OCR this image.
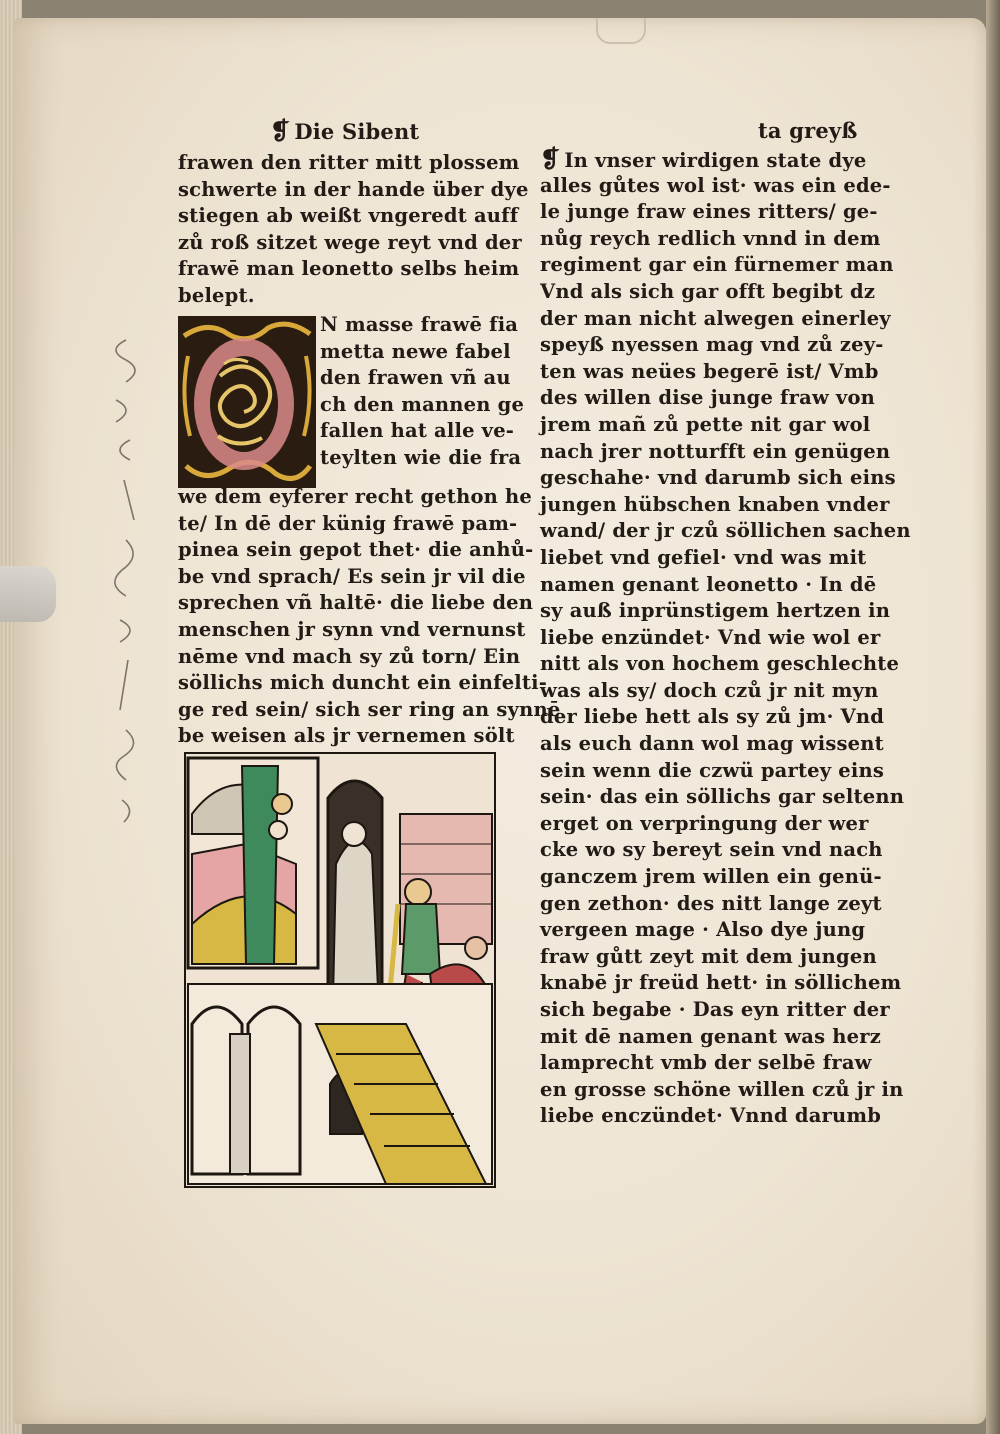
❡ Die Sibent	ta greyß
frawen den ritter mitt plossem
schwerte in der hande über dye
stiegen ab weißt vngeredt auff
zů roß sitzet wege reyt vnd der
frawē man leonetto selbs heim
belept.
O
N masse frawē fia
metta newe fabel
den frawen vñ au
ch den mannen ge
fallen hat alle ve-
teylten wie die fra
we dem eyferer recht gethon he
te/ In dē der künig frawē pam-
pinea sein gepot thet· die anhů-
be vnd sprach/ Es sein jr vil die
sprechen vñ haltē· die liebe den
menschen jr synn vnd vernunst
nēme vnd mach sy zů torn/ Ein
söllichs mich duncht ein einfelti-
ge red sein/ sich ser ring an synnē
be weisen als jr vernemen sölt
❡ In vnser wirdigen state dye
alles gůtes wol ist· was ein ede-
le junge fraw eines ritters/ ge-
nůg reych redlich vnnd in dem
regiment gar ein fürnemer man
Vnd als sich gar offt begibt dz
der man nicht alwegen einerley
speyß nyessen mag vnd zů zey-
ten was neües begerē ist/ Vmb
des willen dise junge fraw von
jrem mañ zů pette nit gar wol
nach jrer notturfft ein genügen
geschahe· vnd darumb sich eins
jungen hübschen knaben vnder
wand/ der jr czů söllichen sachen
liebet vnd gefiel· vnd was mit
namen genant leonetto · In dē
sy auß inprünstigem hertzen in
liebe enzündet· Vnd wie wol er
nitt als von hochem geschlechte
was als sy/ doch czů jr nit myn
der liebe hett als sy zů jm· Vnd
als euch dann wol mag wissent
sein wenn die czwü partey eins
sein· das ein söllichs gar seltenn
erget on verpringung der wer
cke wo sy bereyt sein vnd nach
ganczem jrem willen ein genü-
gen zethon· des nitt lange zeyt
vergeen mage · Also dye jung
fraw gůtt zeyt mit dem jungen
knabē jr freüd hett· in söllichem
sich begabe · Das eyn ritter der
mit dē namen genant was herz
lamprecht vmb der selbē fraw
en grosse schöne willen czů jr in
liebe enczündet· Vnnd darumb
